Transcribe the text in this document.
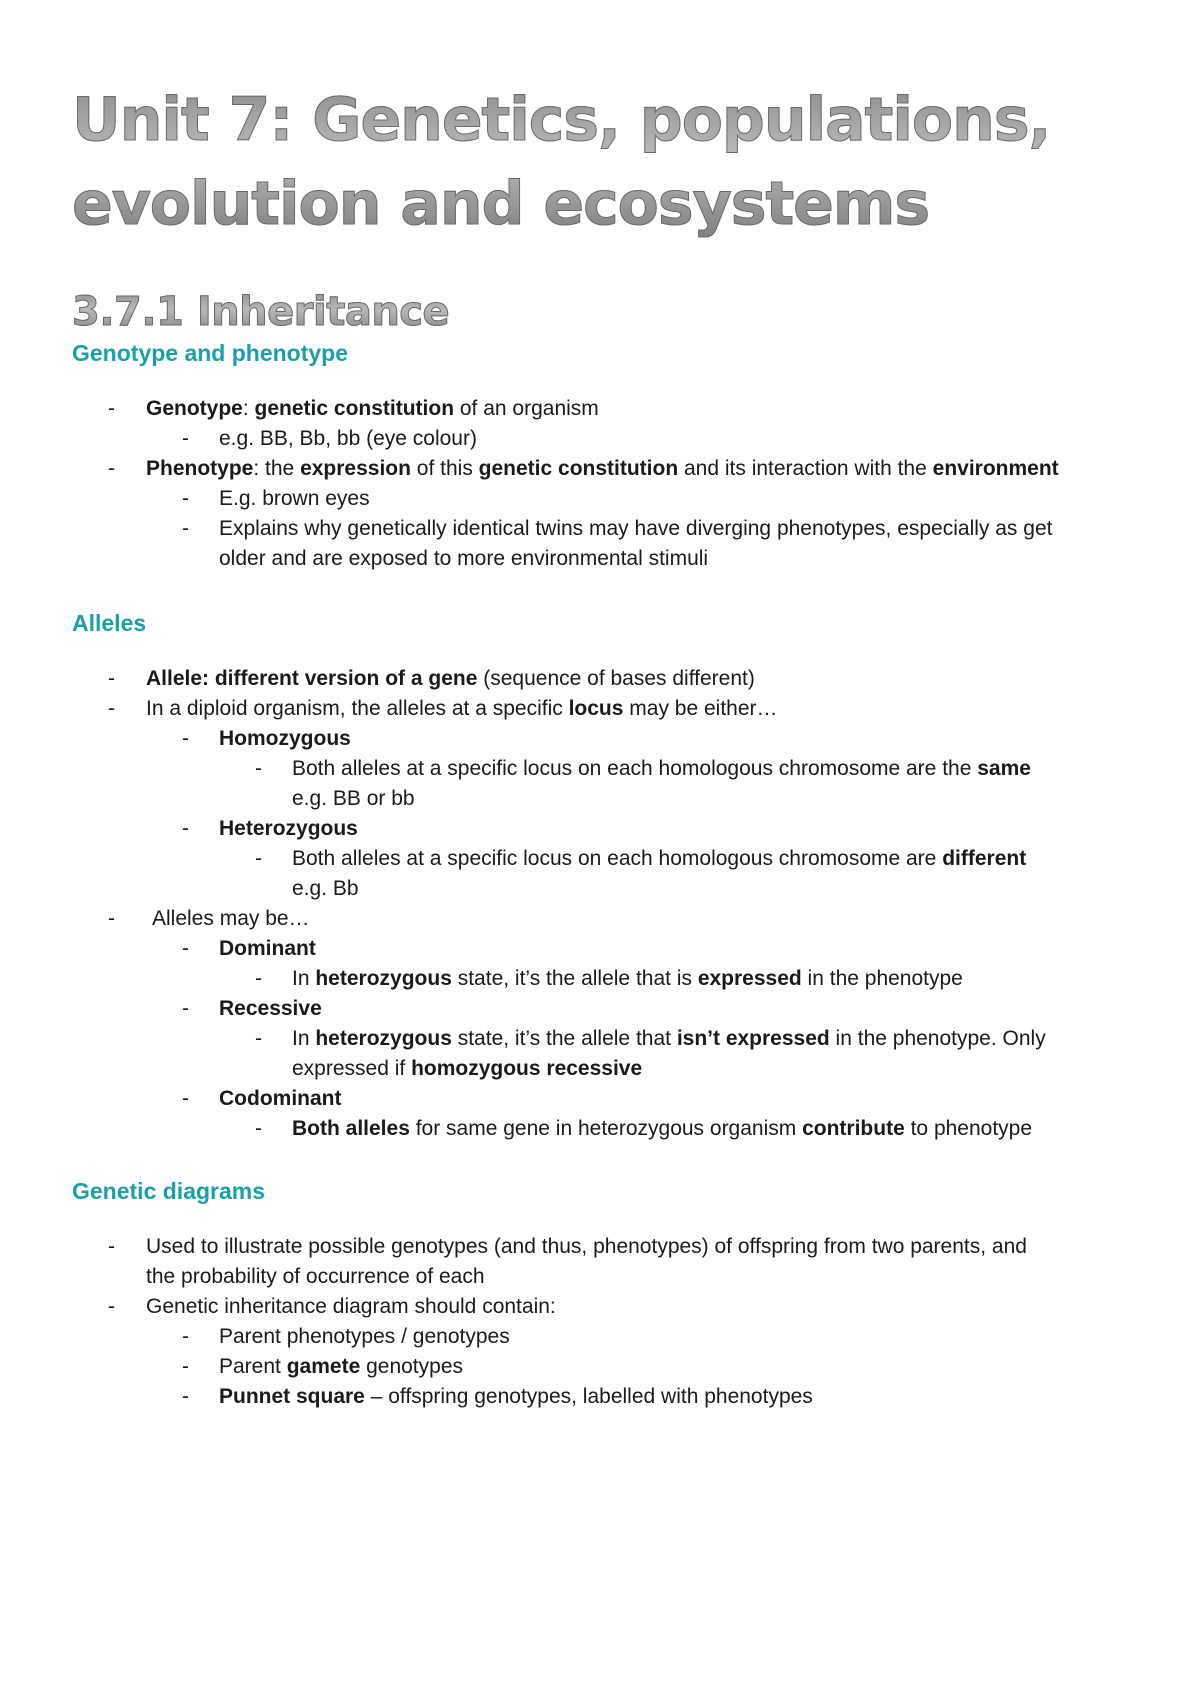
Unit 7: Genetics, populations,
evolution and ecosystems
3.7.1 Inheritance
Genotype and phenotype
- Genotype: genetic constitution of an organism
- e.g. BB, Bb, bb (eye colour)
- Phenotype: the expression of this genetic constitution and its interaction with the environment
- E.g. brown eyes
- Explains why genetically identical twins may have diverging phenotypes, especially as get
older and are exposed to more environmental stimuli
Alleles
- Allele: different version of a gene (sequence of bases different)
- In a diploid organism, the alleles at a specific locus may be either…
- Homozygous
- Both alleles at a specific locus on each homologous chromosome are the same
e.g. BB or bb
- Heterozygous
- Both alleles at a specific locus on each homologous chromosome are different
e.g. Bb
- Alleles may be…
- Dominant
- In heterozygous state, it’s the allele that is expressed in the phenotype
- Recessive
- In heterozygous state, it’s the allele that isn’t expressed in the phenotype. Only
expressed if homozygous recessive
- Codominant
- Both alleles for same gene in heterozygous organism contribute to phenotype
Genetic diagrams
- Used to illustrate possible genotypes (and thus, phenotypes) of offspring from two parents, and
the probability of occurrence of each
- Genetic inheritance diagram should contain:
- Parent phenotypes / genotypes
- Parent gamete genotypes
- Punnet square – offspring genotypes, labelled with phenotypes
